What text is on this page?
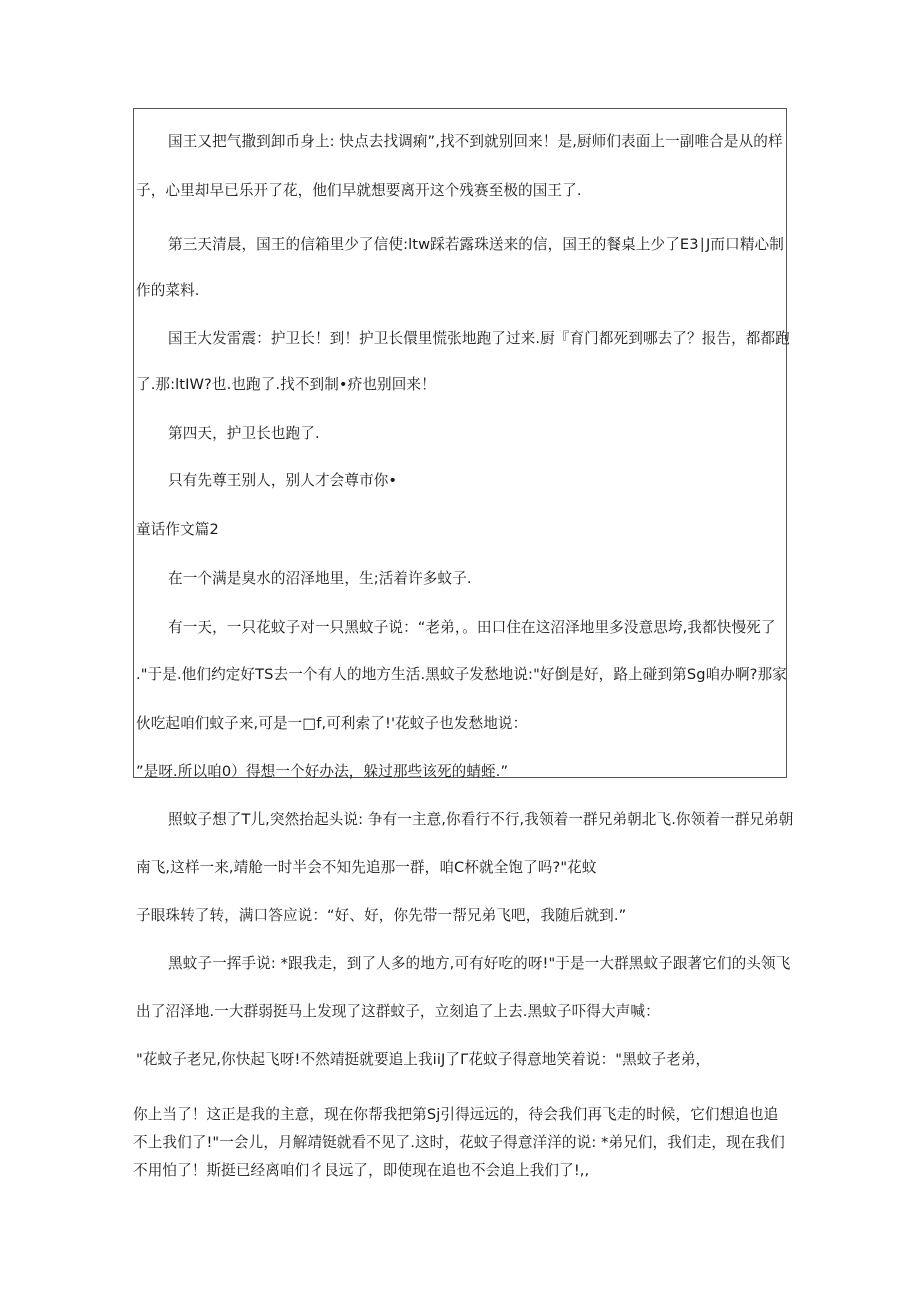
国王又把气撒到卸币身上: 快点去找调痢”,找不到就别回来！是,厨师们表面上一副唯合是从的样
子，心里却早已乐开了花，他们早就想要离开这个残赛至极的国王了.
第三天清晨，国王的信箱里少了信使:ltw踩若露珠送来的信，国王的餐桌上少了E3∣J而口精心制
作的菜料.
国王大发雷震：护卫长！到！护卫长儇里慌张地跑了过来.厨『育门都死到哪去了？报告，都都跑
了.那:ltIW?也.也跑了.找不到制•疥也别回来！
第四天，护卫长也跑了.
只有先尊王别人，别人才会尊市你•
童话作文篇2
在一个满是臭水的沼泽地里，生;活着许多蚊子.
有一天，一只花蚊子对一只黑蚊子说：“老弟，。田口住在这沼泽地里多没意思垮,我都快慢死了
."于是.他们约定好TS去一个有人的地方生活.黑蚊子发愁地说:"好倒是好，路上碰到第Sg咱办啊?那家
伙吃起咱们蚊子来,可是一□f,可利索了!'花蚊子也发愁地说：
”是呀.所以咱0）得想一个好办法，躲过那些该死的蜻蛭.”
照蚊子想了T儿,突然抬起头说: 争有一主意,你看行不行,我领着一群兄弟朝北飞.你领着一群兄弟朝
南飞,这样一来,靖舱一时半会不知先追那一群，咱C杯就全饱了吗?"花蚊
子眼珠转了转，满口答应说：“好、好，你先带一帮兄弟飞吧，我随后就到.”
黑蚊子一挥手说: *跟我走，到了人多的地方,可有好吃的呀!"于是一大群黑蚊子跟著它们的头领飞
出了沼泽地.一大群弱挺马上发现了这群蚊子，立刻追了上去.黑蚊子吓得大声喊：
"花蚊子老兄,你快起飞呀!不然靖挺就要追上我iiJ了Γ花蚊子得意地笑着说："黑蚊子老弟，
你上当了！这正是我的主意，现在你帮我把第Sj引得远远的，待会我们再飞走的时候，它们想追也追
不上我们了!"一会儿，月解靖铤就看不见了.这时，花蚊子得意洋洋的说: *弟兄们，我们走，现在我们
不用怕了！斯挺已经离咱们彳艮远了，即使现在追也不会追上我们了!,,
